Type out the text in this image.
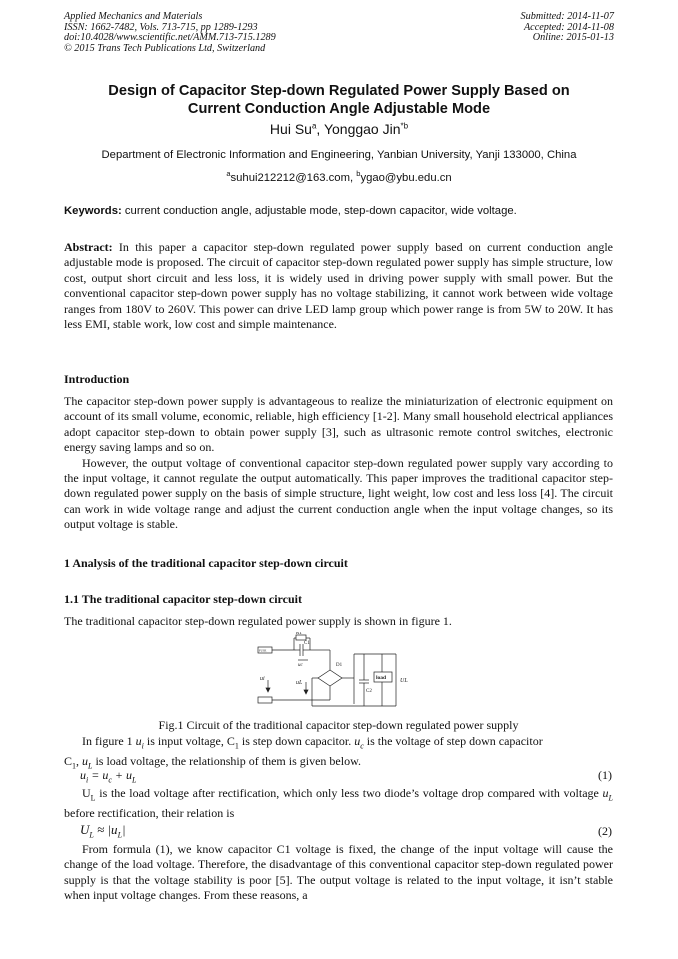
Applied Mechanics and Materials
ISSN: 1662-7482, Vols. 713-715, pp 1289-1293
doi:10.4028/www.scientific.net/AMM.713-715.1289
© 2015 Trans Tech Publications Ltd, Switzerland
Submitted: 2014-11-07
Accepted: 2014-11-08
Online: 2015-01-13
Design of Capacitor Step-down Regulated Power Supply Based on
Current Conduction Angle Adjustable Mode
Hui Su$^a$, Yonggao Jin$^{*b}$
Department of Electronic Information and Engineering, Yanbian University, Yanji 133000, China
$^a$suhui212212@163.com, $^b$ygao@ybu.edu.cn
Keywords: current conduction angle, adjustable mode, step-down capacitor, wide voltage.

Abstract: In this paper a capacitor step-down regulated power supply based on current conduction angle adjustable mode is proposed. The circuit of capacitor step-down regulated power supply has simple structure, low cost, output short circuit and less loss, it is widely used in driving power supply with small power. But the conventional capacitor step-down power supply has no voltage stabilizing, it cannot work between wide voltage ranges from 180V to 260V. This power can drive LED lamp group which power range is from 5W to 20W. It has less EMI, stable work, low cost and simple maintenance.

Introduction

The capacitor step-down power supply is advantageous to realize the miniaturization of electronic equipment on account of its small volume, economic, reliable, high efficiency [1-2]. Many small household electrical appliances adopt capacitor step-down to obtain power supply [3], such as ultrasonic remote control switches, electronic energy saving lamps and so on.

However, the output voltage of conventional capacitor step-down regulated power supply vary according to the input voltage, it cannot regulate the output automatically. This paper improves the traditional capacitor step-down regulated power supply on the basis of simple structure, light weight, low cost and less loss [4]. The circuit can work in wide voltage range and adjust the current conduction angle when the input voltage changes, so its output voltage is stable.

1 Analysis of the traditional capacitor step-down circuit
1.1 The traditional capacitor step-down circuit
The traditional capacitor step-down regulated power supply is shown in figure 1.
R1
C1
uc
ui
uL
D1
C2
load UL
FUSE
Fig.1 Circuit of the traditional capacitor step-down regulated power supply

In figure 1 $u_i$ is input voltage, $C_1$ is step down capacitor. $u_c$ is the voltage of step down capacitor

$C_1$, $u_L$ is load voltage, the relationship of them is given below.

$u_i = u_c + u_L$	(1)

$U_L$ is the load voltage after rectification, which only less two diode’s voltage drop compared with voltage $u_L$ before rectification, their relation is

$U_L \approx |u_L|$	(2)

From formula (1), we know capacitor C1 voltage is fixed, the change of the input voltage will cause the change of the load voltage. Therefore, the disadvantage of this conventional capacitor step-down regulated power supply is that the voltage stability is poor [5]. The output voltage is related to the input voltage, it isn’t stable when input voltage changes. From these reasons, a
